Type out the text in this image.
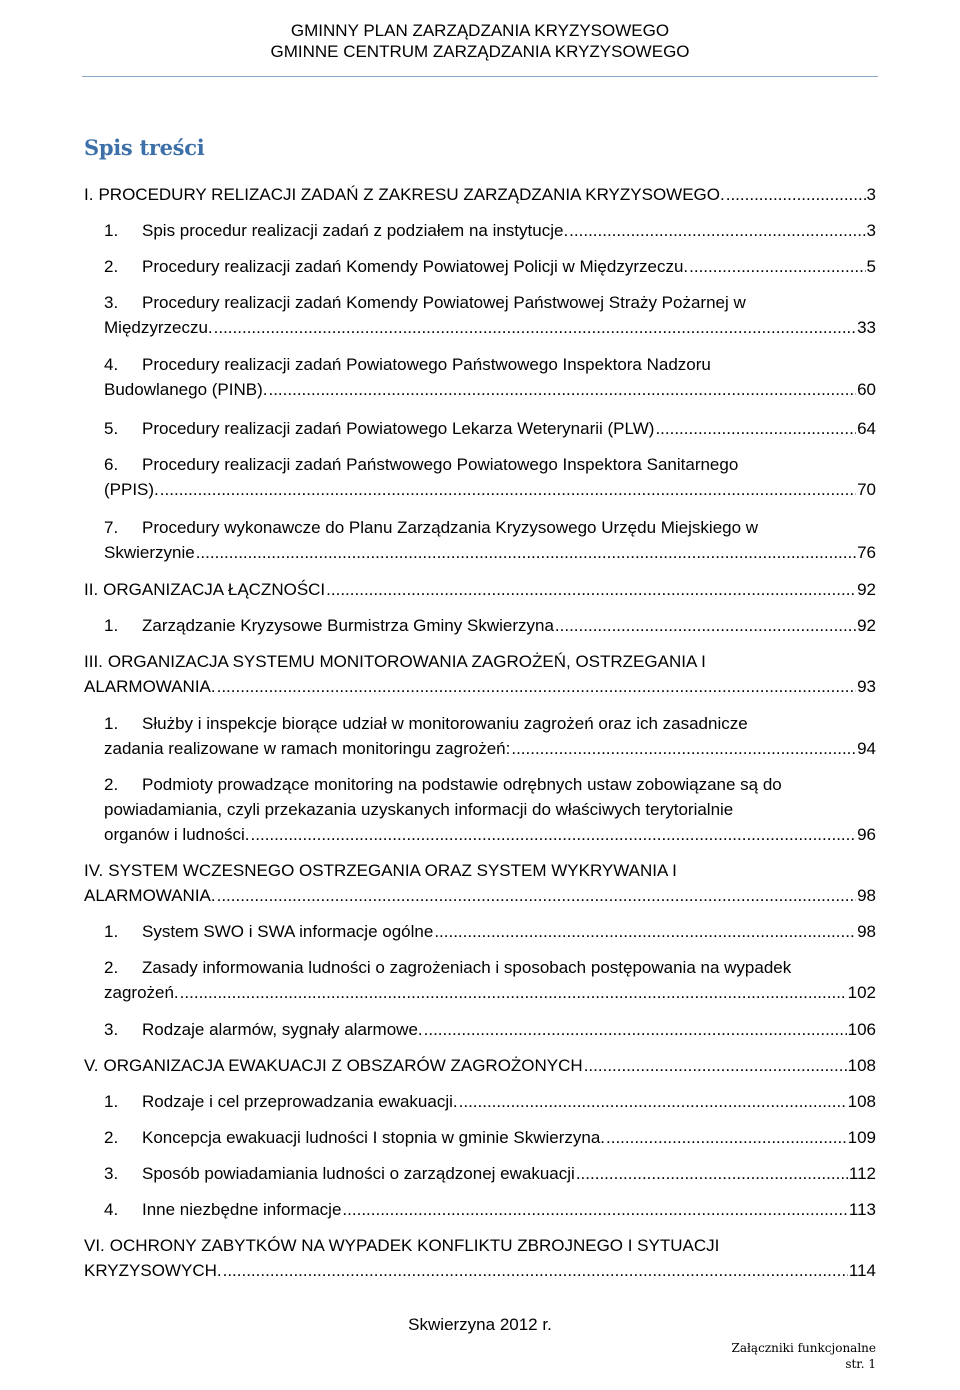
GMINNY PLAN ZARZĄDZANIA KRYZYSOWEGO
GMINNE CENTRUM ZARZĄDZANIA KRYZYSOWEGO
Spis treści
I. PROCEDURY RELIZACJI ZADAŃ Z ZAKRESU ZARZĄDZANIA KRYZYSOWEGO. .....	3
1.	Spis procedur realizacji zadań z podziałem na instytucje. .....	3
2.	Procedury realizacji zadań Komendy Powiatowej Policji w Międzyrzeczu. .....	5
3.	Procedury realizacji zadań Komendy Powiatowej Państwowej Straży Pożarnej w
Międzyrzeczu. .....	33
4.	Procedury realizacji zadań Powiatowego Państwowego Inspektora Nadzoru
Budowlanego (PINB). .....	60
5.	Procedury realizacji zadań Powiatowego Lekarza Weterynarii (PLW) .....	64
6.	Procedury realizacji zadań Państwowego Powiatowego Inspektora Sanitarnego
(PPIS). .....	70
7.	Procedury wykonawcze do Planu Zarządzania Kryzysowego Urzędu Miejskiego w
Skwierzynie .....	76
II. ORGANIZACJA ŁĄCZNOŚCI .....	92
1.	Zarządzanie Kryzysowe Burmistrza Gminy Skwierzyna .....	92
III. ORGANIZACJA SYSTEMU MONITOROWANIA ZAGROŻEŃ, OSTRZEGANIA I
ALARMOWANIA. .....	93
1.	Służby i inspekcje biorące udział w monitorowaniu zagrożeń oraz ich zasadnicze
zadania realizowane w ramach monitoringu zagrożeń: .....	94
2.	Podmioty prowadzące monitoring na podstawie odrębnych ustaw zobowiązane są do
powiadamiania, czyli przekazania uzyskanych informacji do właściwych terytorialnie
organów i ludności. .....	96
IV. SYSTEM WCZESNEGO OSTRZEGANIA ORAZ SYSTEM WYKRYWANIA I
ALARMOWANIA. .....	98
1.	System SWO i SWA informacje ogólne .....	98
2.	Zasady informowania ludności o zagrożeniach i sposobach postępowania na wypadek
zagrożeń. .....	102
3.	Rodzaje alarmów, sygnały alarmowe. .....	106
V. ORGANIZACJA EWAKUACJI Z OBSZARÓW ZAGROŻONYCH .....	108
1.	Rodzaje i cel przeprowadzania ewakuacji. .....	108
2.	Koncepcja ewakuacji ludności I stopnia w gminie Skwierzyna. .....	109
3.	Sposób powiadamiania ludności o zarządzonej ewakuacji .....	112
4.	Inne niezbędne informacje .....	113
VI. OCHRONY ZABYTKÓW NA WYPADEK KONFLIKTU ZBROJNEGO I SYTUACJI
KRYZYSOWYCH. .....	114
Skwierzyna 2012 r.
Załączniki funkcjonalne
str. 1
